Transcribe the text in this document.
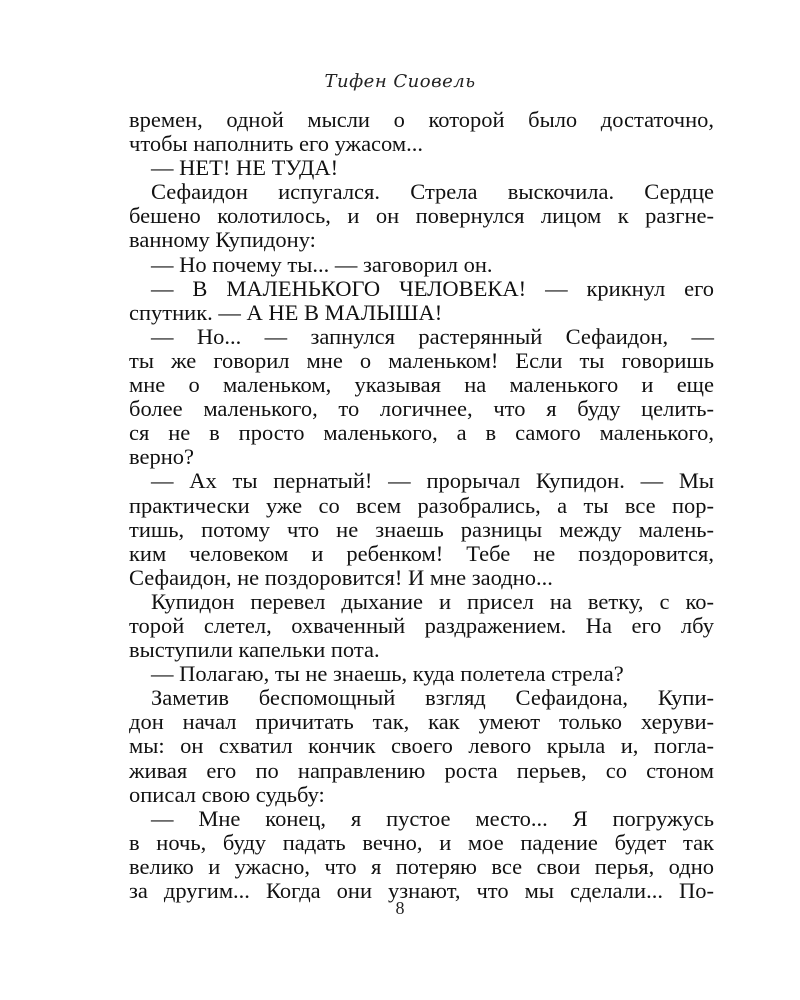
Тифен Сиовель
времен, одной мысли о которой было достаточно,
чтобы наполнить его ужасом...
— НЕТ! НЕ ТУДА!
Сефаидон испугался. Стрела выскочила. Сердце
бешено колотилось, и он повернулся лицом к разгне-
ванному Купидону:
— Но почему ты... — заговорил он.
— В МАЛЕНЬКОГО ЧЕЛОВЕКА! — крикнул его
спутник. — А НЕ В МАЛЫША!
— Но... — запнулся растерянный Сефаидон, —
ты же говорил мне о маленьком! Если ты говоришь
мне о маленьком, указывая на маленького и еще
более маленького, то логичнее, что я буду целить-
ся не в просто маленького, а в самого маленького,
верно?
— Ах ты пернатый! — прорычал Купидон. — Мы
практически уже со всем разобрались, а ты все пор-
тишь, потому что не знаешь разницы между малень-
ким человеком и ребенком! Тебе не поздоровится,
Сефаидон, не поздоровится! И мне заодно...
Купидон перевел дыхание и присел на ветку, с ко-
торой слетел, охваченный раздражением. На его лбу
выступили капельки пота.
— Полагаю, ты не знаешь, куда полетела стрела?
Заметив беспомощный взгляд Сефаидона, Купи-
дон начал причитать так, как умеют только херуви-
мы: он схватил кончик своего левого крыла и, погла-
живая его по направлению роста перьев, со стоном
описал свою судьбу:
— Мне конец, я пустое место... Я погружусь
в ночь, буду падать вечно, и мое падение будет так
велико и ужасно, что я потеряю все свои перья, одно
за другим... Когда они узнают, что мы сделали... По-
8
